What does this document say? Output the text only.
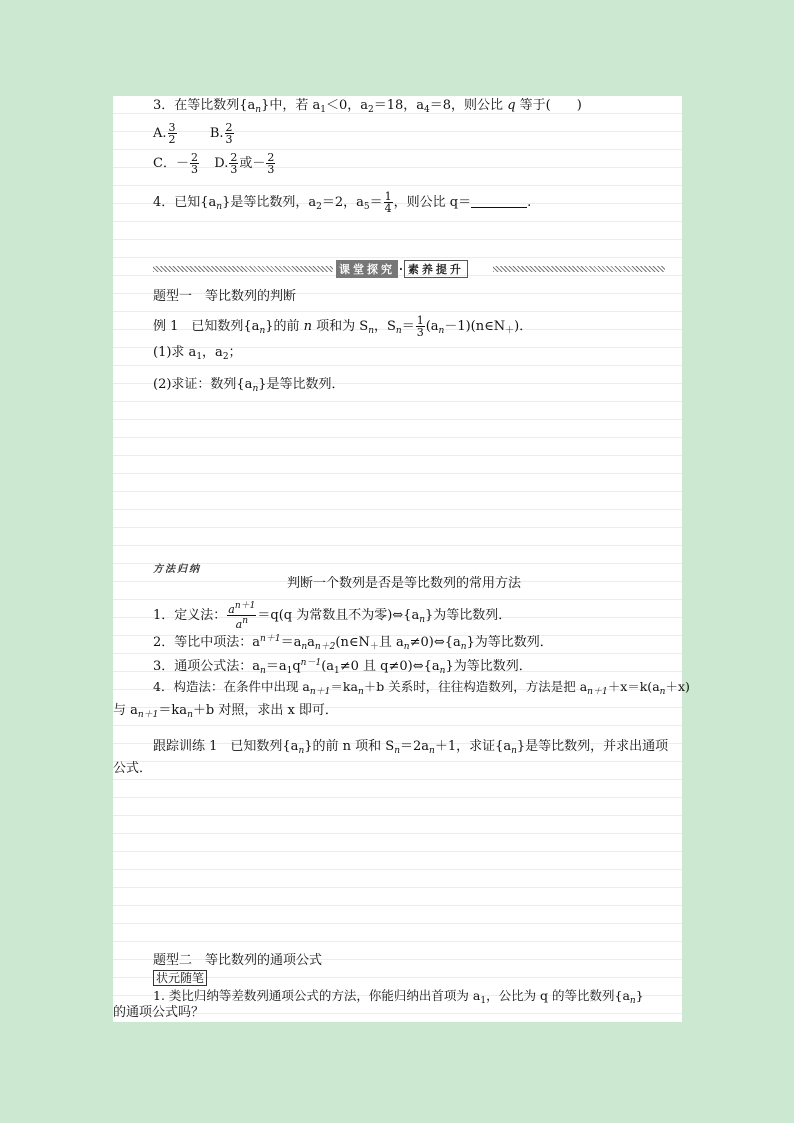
3．在等比数列$\{a_n\}$中，若 $a_1<0$，$a_2=18$，$a_4=8$，则公比 q 等于(　　)
A. $\frac{3}{2}$	B. $\frac{2}{3}$
C．－ $\frac{2}{3} D$. $\frac{2}{3}$ 或－ $\frac{2}{3}$
4．已知$\{a_n\}$是等比数列，$a_2=2$，$a_5= \frac{1}{4}$ ，则公比 q＝	.
课堂探究 · 素养提升
题型一　等比数列的判断
例 1　已知数列$\{a_n\}$的前 n 项和为 $S_n$，$S_n= \frac{1}{3}$ $(a_n-1)(n\in N_+)$．
(1)求 $a_1$，$a_2$；
(2)求证：数列$\{a_n\}$是等比数列．
方法归纳
判断一个数列是否是等比数列的常用方法
1．定义法： $\frac{a^{n+1}}{a^n} =q(q$ 为常数且不为零)$\Leftrightarrow\{a_n\}$为等比数列．
2．等比中项法：$a^{n+1}=a_na_{n+2}(n\in N_+$且 $a_n\ne 0)\Leftrightarrow\{a_n\}$为等比数列．
3．通项公式法：$a_n=a_1q^{n-1}(a_1\ne 0$ 且 $q\ne 0)\Leftrightarrow\{a_n\}$为等比数列．
4．构造法：在条件中出现 $a_{n+1}=ka_n+b$ 关系时，往往构造数列，方法是把 $a_{n+1}+x=k(a_n+x)$
与 $a_{n+1}=ka_n+b$ 对照，求出 x 即可．
跟踪训练 1　已知数列$\{a_n\}$的前 n 项和 $S_n=2a_n+1$，求证$\{a_n\}$是等比数列，并求出通项
公式．
题型二　等比数列的通项公式
状元随笔
1. 类比归纳等差数列通项公式的方法，你能归纳出首项为 $a_1$，公比为 q 的等比数列$\{a_n\}$
的通项公式吗？
